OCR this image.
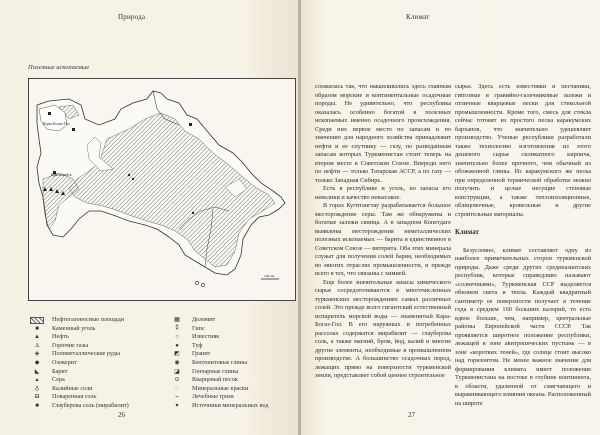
Природа
Полезные ископаемые
Кара-Богаз-Гол
Красноводск
100 км
Нефтегазоносные площади
■	Каменный уголь
▲	Нефть
Δ	Горючие газы
◈	Полиметаллические руды
◆	Озокерит
◣	Барит
▴	Сера
♁	Калийные соли
⊟	Поваренная соль
■	Глауберова соль (мирабилит)
▦	Доломит
⁑	Гипс
○	Известняк
●	Туф
◩	Гранит
◉	Бентонитовые глины
◪	Гончарные глины
⊙	Кварцевый песок
◌	Минеральные краски
⌣	Лечебные грязи
▾	Источники минеральных вод
26
Климат

сложилась так, что накапливались здесь главным образом морские и континентальные осадочные породы. Не удивительно, что республика оказалась особенно богатой в полезных ископаемых именно осадочного происхождения. Среди них первое место по запасам и по значению для народного хозяйства принадлежит нефти и ее спутнику — газу, по разведанным запасам которых Туркменистан стоит теперь на втором месте в Советском Союзе. Впереди него по нефти — только Татарская АССР, а по газу — только Западная Сибирь.

Есть в республике и уголь, но запасы его невелики и качество невысокое.

В горах Кугитангтау разрабатывается большое месторождение серы. Там же обнаружены и богатые залежи свинца. А в западном Копетдаге выявлены месторождения неметаллических полезных ископаемых — барита и единственное в Советском Союзе — витерита. Оба этих минерала служат для получения солей бария, необходимых во многих отраслях промышленности, и прежде всего в тех, что связаны с химией.

Еще более значительные запасы химического сырья сосредоточиваются в многочисленных туркменских месторождениях самых различных солей. Это прежде всего гигантский естественный испаритель морской воды — знаменитый Кара-Богаз-Гол. В его наружных и погребенных рассолах содержатся мирабилит — глауберова соль, а также магний, бром, йод, калий и многие другие элементы, необходимые в промышленном производстве. А большинство осадочных пород, лежащих прямо на поверхности туркменской земли, представляет собой ценное строительное

сырье. Здесь есть известняки и песчаники, гипсовые и гравийно-галечниковые залежи и отличные кварцевые пески для стекольной промышленности. Кроме того, смесь для стекла сейчас готовят из простого песка каракумских барханов, что значительно удешевляет производство. Ученые республики разработали также технологию изготовления из этого дешевого сырья силикатного кирпича, значительно более прочного, чем обычный из обожженной глины. Из каракумского же песка при определенной термической обработке можно получить и целые несущие стеновые конструкции, а также теплоизоляционные, облицовочные, кровельные и другие строительные материалы.

Климат

Безусловно, климат составляет одну из наиболее примечательных сторон туркменской природы. Даже среди других среднеазиатских республик, которые справедливо называют «солнечными», Туркменская ССР выделяется обилием света и тепла. Каждый квадратный сантиметр ее поверхности получает в течение года в среднем 160 больших калорий, то есть вдвое больше, чем, например, центральные районы Европейской части СССР. Так проявляется широтное положение республики, лежащей в зоне авитропических пустынь — в зоне «коротких теней», где солнце стоит высоко над горизонтом. Не менее важное значение для формирования климата имеет положение Туркменистана на востоке в глубине континента, в области, удаленной от смягчающего и выравнивающего влияния океана. Расположенный на широте

27
